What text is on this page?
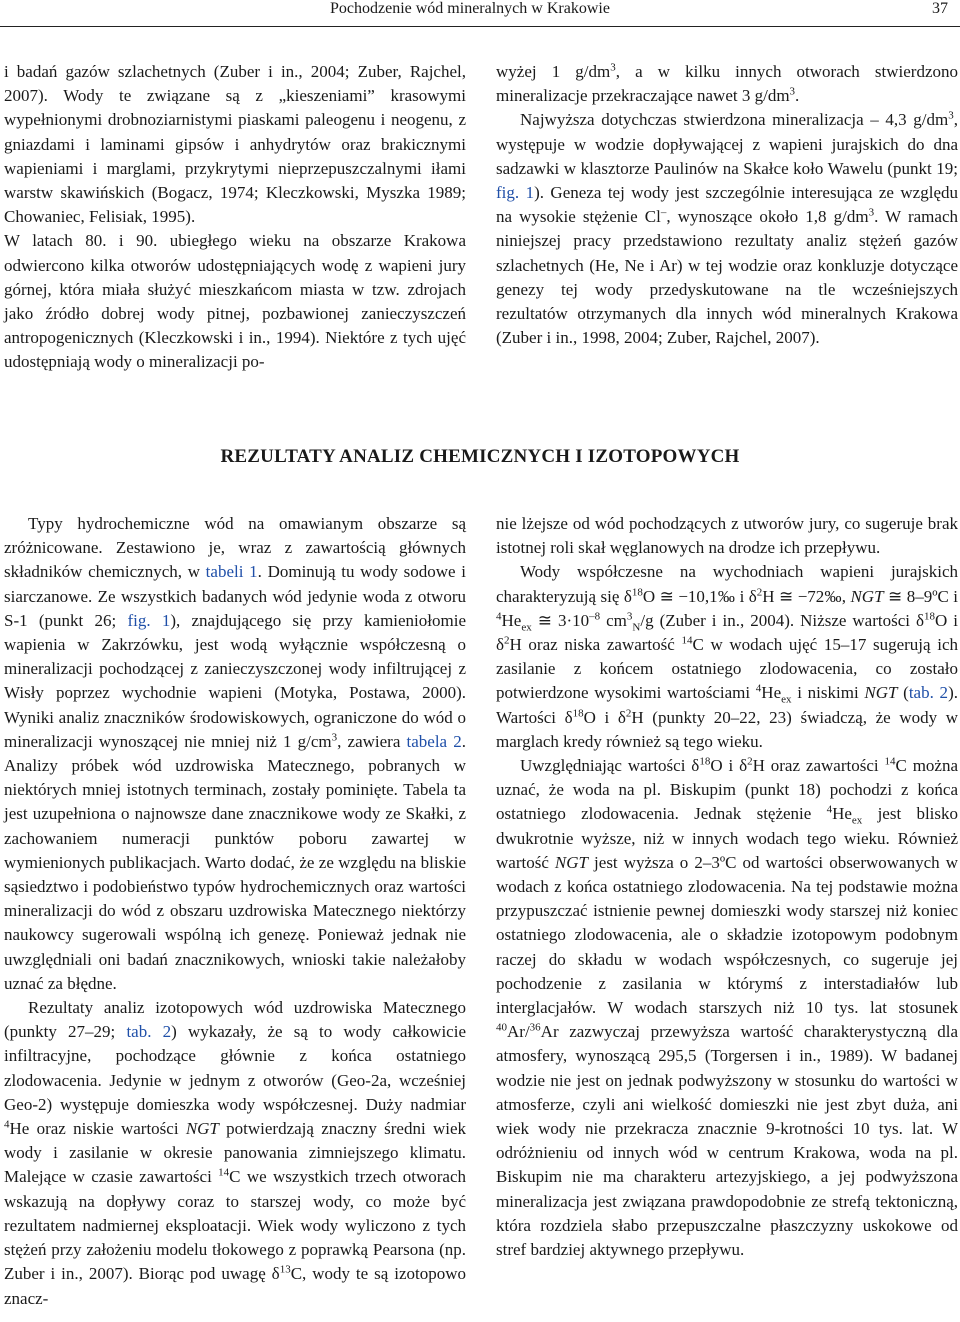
Pochodzenie wód mineralnych w Krakowie	37

i badań gazów szlachetnych (Zuber i in., 2004; Zuber, Rajchel, 2007). Wody te związane są z „kieszeniami” krasowymi wypełnionymi drobnoziarnistymi piaskami paleogenu i neogenu, z gniazdami i laminami gipsów i anhydrytów oraz brakicznymi wapieniami i marglami, przykrytymi nieprzepuszczalnymi iłami warstw skawińskich (Bogacz, 1974; Kleczkowski, Myszka 1989; Chowaniec, Felisiak, 1995).

W latach 80. i 90. ubiegłego wieku na obszarze Krakowa odwiercono kilka otworów udostępniających wodę z wapieni jury górnej, która miała służyć mieszkańcom miasta w tzw. zdrojach jako źródło dobrej wody pitnej, pozbawionej zanieczyszczeń antropogenicznych (Kleczkowski i in., 1994). Niektóre z tych ujęć udostępniają wody o mineralizacji po-

wyżej 1 $g/dm^3$, a w kilku innych otworach stwierdzono mineralizacje przekraczające nawet 3 $g/dm^3$.

Najwyższa dotychczas stwierdzona mineralizacja – 4,3 $g/dm^3$, występuje w wodzie dopływającej z wapieni jurajskich do dna sadzawki w klasztorze Paulinów na Skałce koło Wawelu (punkt 19; fig. 1). Geneza tej wody jest szczególnie interesująca ze względu na wysokie stężenie Cl–, wynoszące około 1,8 $g/dm^3$. W ramach niniejszej pracy przedstawiono rezultaty analiz stężeń gazów szlachetnych (He, Ne i Ar) w tej wodzie oraz konkluzje dotyczące genezy tej wody przedyskutowane na tle wcześniejszych rezultatów otrzymanych dla innych wód mineralnych Krakowa (Zuber i in., 1998, 2004; Zuber, Rajchel, 2007).

REZULTATY ANALIZ CHEMICZNYCH I IZOTOPOWYCH

Typy hydrochemiczne wód na omawianym obszarze są zróżnicowane. Zestawiono je, wraz z zawartością głównych składników chemicznych, w tabeli 1. Dominują tu wody sodowe i siarczanowe. Ze wszystkich badanych wód jedynie woda z otworu S-1 (punkt 26; fig. 1), znajdującego się przy kamieniołomie wapienia w Zakrzówku, jest wodą wyłącznie współczesną o mineralizacji pochodzącej z zanieczyszczonej wody infiltrującej z Wisły poprzez wychodnie wapieni (Motyka, Postawa, 2000). Wyniki analiz znaczników środowiskowych, ograniczone do wód o mineralizacji wynoszącej nie mniej niż 1 $g/cm^3$, zawiera tabela 2. Analizy próbek wód uzdrowiska Matecznego, pobranych w niektórych mniej istotnych terminach, zostały pominięte. Tabela ta jest uzupełniona o najnowsze dane znacznikowe wody ze Skałki, z zachowaniem numeracji punktów poboru zawartej w wymienionych publikacjach. Warto dodać, że ze względu na bliskie sąsiedztwo i podobieństwo typów hydrochemicznych oraz wartości mineralizacji do wód z obszaru uzdrowiska Matecznego niektórzy naukowcy sugerowali wspólną ich genezę. Ponieważ jednak nie uwzględniali oni badań znacznikowych, wnioski takie należałoby uznać za błędne.

Rezultaty analiz izotopowych wód uzdrowiska Matecznego (punkty 27–29; tab. 2) wykazały, że są to wody całkowicie infiltracyjne, pochodzące głównie z końca ostatniego zlodowacenia. Jedynie w jednym z otworów (Geo-2a, wcześniej Geo-2) występuje domieszka wody współczesnej. Duży nadmiar $^4$He oraz niskie wartości NGT potwierdzają znaczny średni wiek wody i zasilanie w okresie panowania zimniejszego klimatu. Malejące w czasie zawartości $^{14}$C we wszystkich trzech otworach wskazują na dopływy coraz to starszej wody, co może być rezultatem nadmiernej eksploatacji. Wiek wody wyliczono z tych stężeń przy założeniu modelu tłokowego z poprawką Pearsona (np. Zuber i in., 2007). Biorąc pod uwagę $\delta^{13}C$, wody te są izotopowo znacz-

nie lżejsze od wód pochodzących z utworów jury, co sugeruje brak istotnej roli skał węglanowych na drodze ich przepływu.

Wody współczesne na wychodniach wapieni jurajskich charakteryzują się $\delta^{18}O$ ≅ −10,1‰ i $\delta^2H$ ≅ −72‰, NGT ≅ 8–9ºC i $^4He_{ex}$ ≅ $3\cdot 10^{-8}$ $cm^3_N/g$ (Zuber i in., 2004). Niższe wartości $\delta^{18}O$ i $\delta^2H$ oraz niska zawartość $^{14}$C w wodach ujęć 15–17 sugerują ich zasilanie z końcem ostatniego zlodowacenia, co zostało potwierdzone wysokimi wartościami $^4He_{ex}$ i niskimi NGT (tab. 2). Wartości $\delta^{18}O$ i $\delta^2H$ (punkty 20–22, 23) świadczą, że wody w marglach kredy również są tego wieku.

Uwzględniając wartości $\delta^{18}O$ i $\delta^2H$ oraz zawartości $^{14}$C można uznać, że woda na pl. Biskupim (punkt 18) pochodzi z końca ostatniego zlodowacenia. Jednak stężenie $^4He_{ex}$ jest blisko dwukrotnie wyższe, niż w innych wodach tego wieku. Również wartość NGT jest wyższa o 2–3ºC od wartości obserwowanych w wodach z końca ostatniego zlodowacenia. Na tej podstawie można przypuszczać istnienie pewnej domieszki wody starszej niż koniec ostatniego zlodowacenia, ale o składzie izotopowym podobnym raczej do składu w wodach współczesnych, co sugeruje jej pochodzenie z zasilania w którymś z interstadiałów lub interglacjałów. W wodach starszych niż 10 tys. lat stosunek $^{40}$Ar/$^{36}$Ar zazwyczaj przewyższa wartość charakterystyczną dla atmosfery, wynoszącą 295,5 (Torgersen i in., 1989). W badanej wodzie nie jest on jednak podwyższony w stosunku do wartości w atmosferze, czyli ani wielkość domieszki nie jest zbyt duża, ani wiek wody nie przekracza znacznie 9-krotności 10 tys. lat. W odróżnieniu od innych wód w centrum Krakowa, woda na pl. Biskupim nie ma charakteru artezyjskiego, a jej podwyższona mineralizacja jest związana prawdopodobnie ze strefą tektoniczną, która rozdziela słabo przepuszczalne płaszczyzny uskokowe od stref bardziej aktywnego przepływu.
